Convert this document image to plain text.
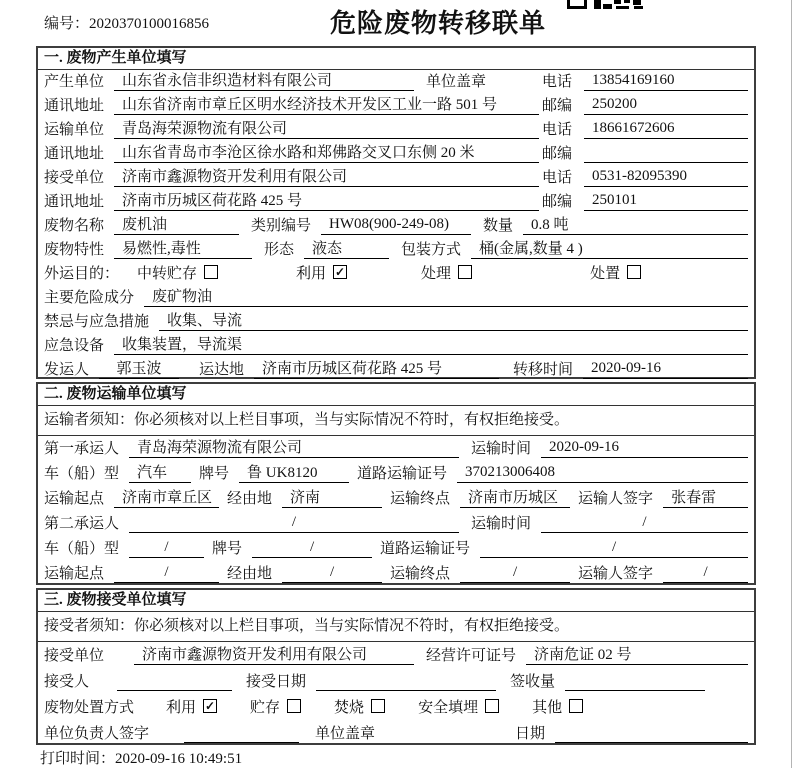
编号：2020370100016856	危险废物转移联单
一. 废物产生单位填写
产生单位	山东省永信非织造材料有限公司	单位盖章	电话	13854169160
通讯地址	山东省济南市章丘区明水经济技术开发区工业一路 501 号	邮编	250200
运输单位	青岛海荣源物流有限公司	电话	18661672606
通讯地址	山东省青岛市李沧区徐水路和郑佛路交叉口东侧 20 米	邮编
接受单位	济南市鑫源物资开发利用有限公司	电话	0531-82095390
通讯地址	济南市历城区荷花路 425 号	邮编	250101
废物名称	废机油	类别编号	HW08(900-249-08)	数量	0.8 吨
废物特性	易燃性,毒性	形态	液态	包装方式	桶(金属,数量 4 )
外运目的： 中转贮存	利用 ✓	处理	处置
主要危险成分	废矿物油
禁忌与应急措施	收集、导流
应急设备	收集装置，导流渠
发运人	郭玉波	运达地	济南市历城区荷花路 425 号	转移时间	2020-09-16
二. 废物运输单位填写
运输者须知：你必须核对以上栏目事项，当与实际情况不符时，有权拒绝接受。
第一承运人	青岛海荣源物流有限公司	运输时间	2020-09-16
车（船）型	汽车	牌号	鲁 UK8120	道路运输证号	370213006408
运输起点	济南市章丘区 经由地	济南	运输终点	济南市历城区	运输人签字	张春雷
第二承运人	/	运输时间	/
车（船）型	/	牌号	/	道路运输证号	/
运输起点	/	经由地	/	运输终点	/	运输人签字	/
三. 废物接受单位填写
接受者须知：你必须核对以上栏目事项，当与实际情况不符时，有权拒绝接受。
接受单位	济南市鑫源物资开发利用有限公司	经营许可证号	济南危证 02 号
接受人	接受日期	签收量
废物处置方式 利用 ✓ 贮存	焚烧	安全填埋	其他
单位负责人签字	单位盖章	日期
打印时间：2020-09-16 10:49:51
